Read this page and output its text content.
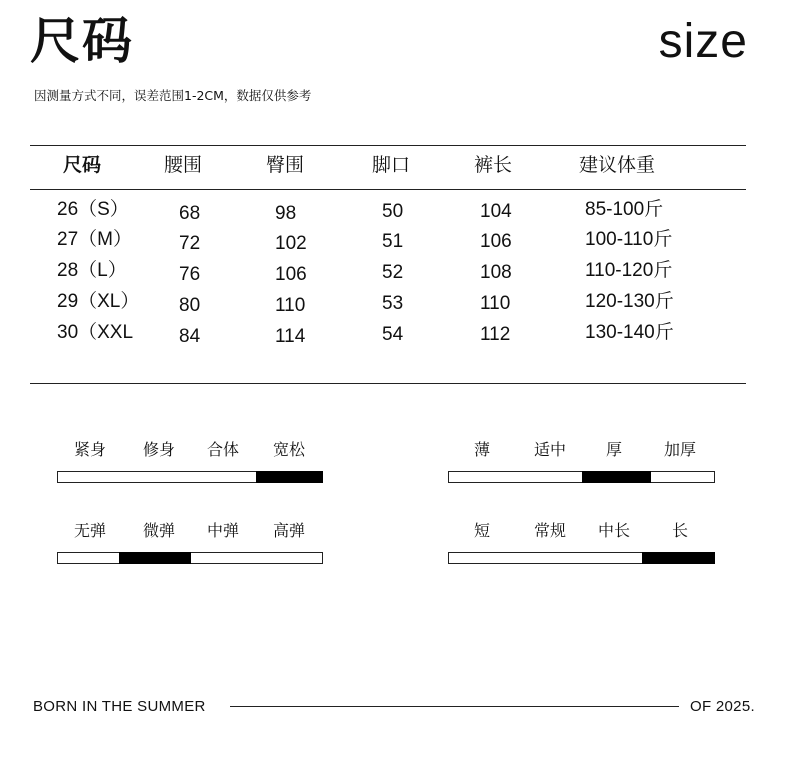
尺码	size
因测量方式不同，误差范围1-2CM，数据仅供参考
尺码	腰围	臀围	脚口	裤长	建议体重
26（S）	68	98	50	104	85-100斤
27（M） 72	102	51	106	100-110斤
28（L）	76	106	52	108	110-120斤
29（XL） 80	110	53	110	120-130斤
30（XXL 84	114	54	112	130-140斤
紧身	修身	合体	宽松	薄	适中	厚	加厚
无弹	微弹	中弹	高弹	短	常规	中长	长
BORN IN THE SUMMER	OF 2025.
